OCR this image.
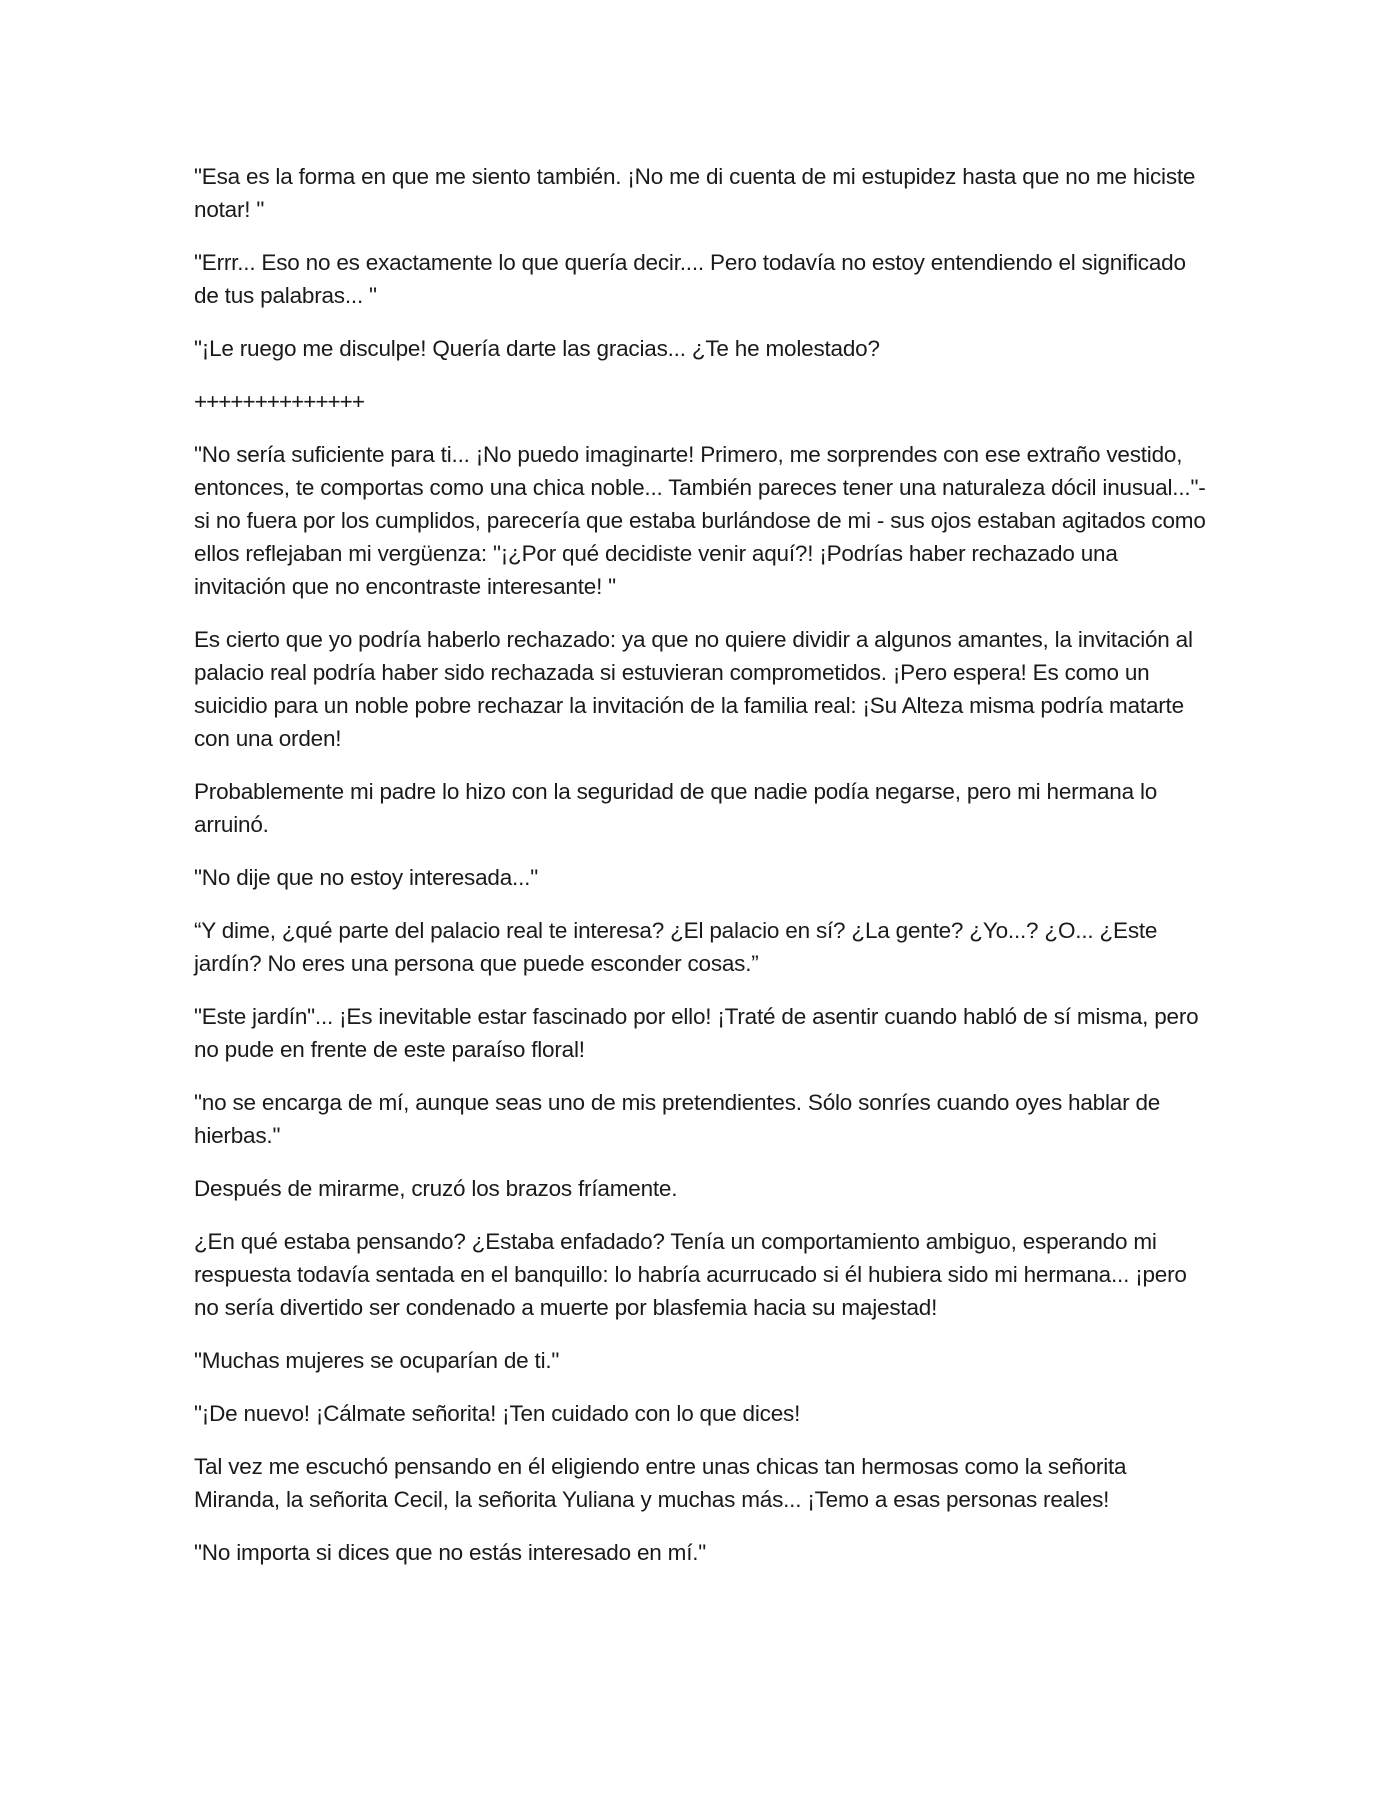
"Esa es la forma en que me siento también. ¡No me di cuenta de mi estupidez hasta que no me hiciste notar! "

"Errr... Eso no es exactamente lo que quería decir.... Pero todavía no estoy entendiendo el significado de tus palabras... "

"¡Le ruego me disculpe! Quería darte las gracias... ¿Te he molestado?

++++++++++++++

"No sería suficiente para ti... ¡No puedo imaginarte! Primero, me sorprendes con ese extraño vestido, entonces, te comportas como una chica noble... También pareces tener una naturaleza dócil inusual..."- si no fuera por los cumplidos, parecería que estaba burlándose de mi - sus ojos estaban agitados como ellos reflejaban mi vergüenza: "¡¿Por qué decidiste venir aquí?! ¡Podrías haber rechazado una invitación que no encontraste interesante! "

Es cierto que yo podría haberlo rechazado: ya que no quiere dividir a algunos amantes, la invitación al palacio real podría haber sido rechazada si estuvieran comprometidos. ¡Pero espera! Es como un suicidio para un noble pobre rechazar la invitación de la familia real: ¡Su Alteza misma podría matarte con una orden!

Probablemente mi padre lo hizo con la seguridad de que nadie podía negarse, pero mi hermana lo arruinó.

"No dije que no estoy interesada..."

“Y dime, ¿qué parte del palacio real te interesa? ¿El palacio en sí? ¿La gente? ¿Yo...? ¿O... ¿Este jardín? No eres una persona que puede esconder cosas.”

"Este jardín"... ¡Es inevitable estar fascinado por ello! ¡Traté de asentir cuando habló de sí misma, pero no pude en frente de este paraíso floral!

"no se encarga de mí, aunque seas uno de mis pretendientes. Sólo sonríes cuando oyes hablar de hierbas."

Después de mirarme, cruzó los brazos fríamente.

¿En qué estaba pensando? ¿Estaba enfadado? Tenía un comportamiento ambiguo, esperando mi respuesta todavía sentada en el banquillo: lo habría acurrucado si él hubiera sido mi hermana... ¡pero no sería divertido ser condenado a muerte por blasfemia hacia su majestad!

"Muchas mujeres se ocuparían de ti."

"¡De nuevo! ¡Cálmate señorita! ¡Ten cuidado con lo que dices!

Tal vez me escuchó pensando en él eligiendo entre unas chicas tan hermosas como la señorita Miranda, la señorita Cecil, la señorita Yuliana y muchas más... ¡Temo a esas personas reales!

"No importa si dices que no estás interesado en mí."
